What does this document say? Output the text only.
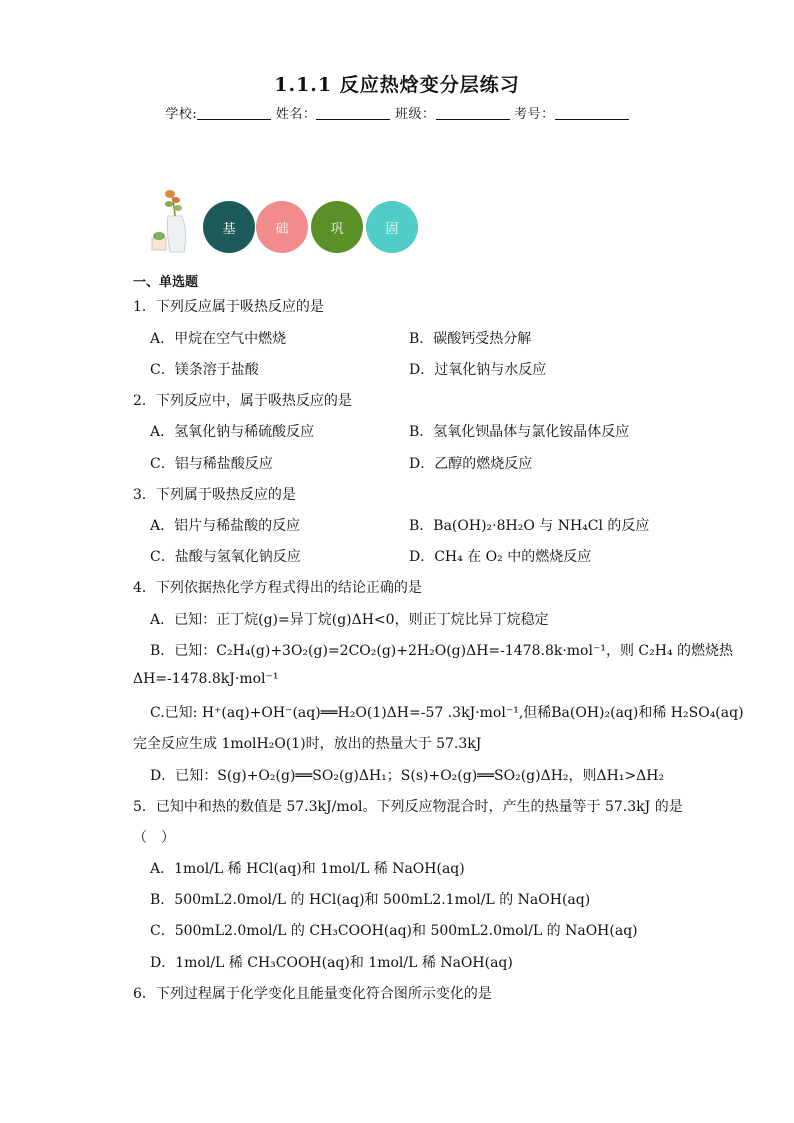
1.1.1 反应热焓变分层练习
学校:	姓名：	班级：	考号：
基	础	巩	固
一、单选题
1．下列反应属于吸热反应的是
A．甲烷在空气中燃烧	B．碳酸钙受热分解
C．镁条溶于盐酸	D．过氧化钠与水反应
2．下列反应中，属于吸热反应的是
A．氢氧化钠与稀硫酸反应	B．氢氧化钡晶体与氯化铵晶体反应
C．铝与稀盐酸反应	D．乙醇的燃烧反应
3．下列属于吸热反应的是
A．铝片与稀盐酸的反应	B．Ba(OH)₂·8H₂O 与 NH₄Cl 的反应
C．盐酸与氢氧化钠反应	D．CH₄ 在 O₂ 中的燃烧反应
4．下列依据热化学方程式得出的结论正确的是
A．已知：正丁烷(g)=异丁烷(g)ΔH<0，则正丁烷比异丁烷稳定
B．已知：C₂H₄(g)+3O₂(g)=2CO₂(g)+2H₂O(g)ΔH=-1478.8k·mol⁻¹，则 C₂H₄ 的燃烧热
ΔH=-1478.8kJ·mol⁻¹
C.已知: H⁺(aq)+OH⁻(aq)══H₂O(1)ΔH=-57 .3kJ·mol⁻¹,但稀Ba(OH)₂(aq)和稀 H₂SO₄(aq)
完全反应生成 1molH₂O(1)时，放出的热量大于 57.3kJ
D．已知：S(g)+O₂(g)══SO₂(g)ΔH₁；S(s)+O₂(g)══SO₂(g)ΔH₂，则ΔH₁>ΔH₂
5．已知中和热的数值是 57.3kJ/mol。下列反应物混合时，产生的热量等于 57.3kJ 的是
（　）
A．1mol/L 稀 HCl(aq)和 1mol/L 稀 NaOH(aq)
B．500mL2.0mol/L 的 HCl(aq)和 500mL2.1mol/L 的 NaOH(aq)
C．500mL2.0mol/L 的 CH₃COOH(aq)和 500mL2.0mol/L 的 NaOH(aq)
D．1mol/L 稀 CH₃COOH(aq)和 1mol/L 稀 NaOH(aq)
6．下列过程属于化学变化且能量变化符合图所示变化的是
